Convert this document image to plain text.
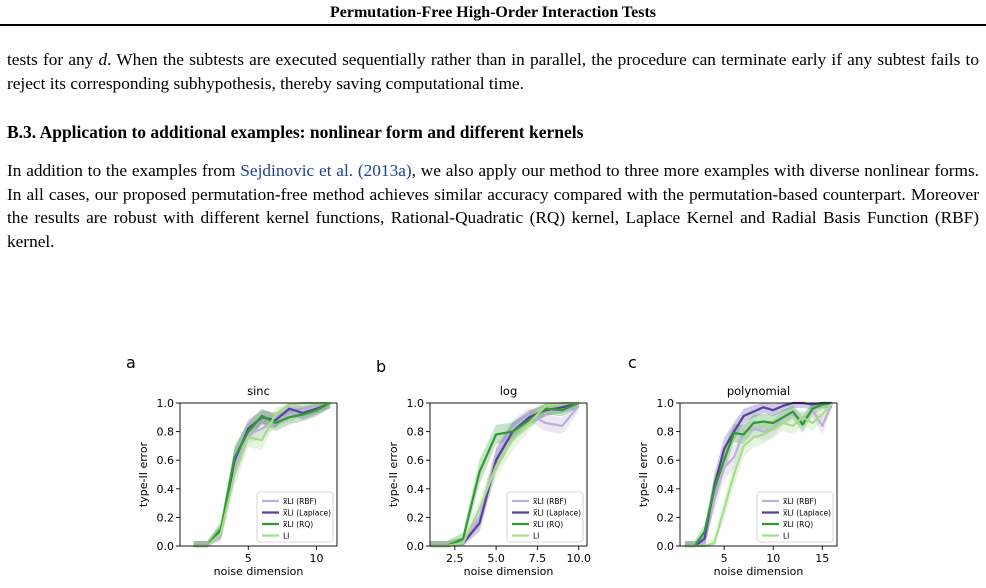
Permutation-Free High-Order Interaction Tests
tests for any d. When the subtests are executed sequentially rather than in parallel, the procedure can terminate early if any subtest fails to reject its corresponding subhypothesis, thereby saving computational time.
B.3. Application to additional examples: nonlinear form and different kernels
In addition to the examples from Sejdinovic et al. (2013a), we also apply our method to three more examples with diverse nonlinear forms. In all cases, our proposed permutation-free method achieves similar accuracy compared with the permutation-based counterpart. Moreover the results are robust with different kernel functions, Rational-Quadratic (RQ) kernel, Laplace Kernel and Radial Basis Function (RBF) kernel.
a
sinc
0.0
0.2
0.4
0.6
0.8
1.0
5	10
noise dimension
type-II error	x̅LI (RBF)
x̅LI (Laplace)
x̅LI (RQ)
LI
b
log
0.0
0.2
0.4
0.6
0.8
1.0
2.5 5.0 7.5 10.0
noise dimension
type-II error	x̅LI (RBF)
x̅LI (Laplace)
x̅LI (RQ)
LI
c
polynomial
0.0
0.2
0.4
0.6
0.8
1.0
5	10	15
noise dimension
type-II error	x̅LI (RBF)
x̅LI (Laplace)
x̅LI (RQ)
LI
